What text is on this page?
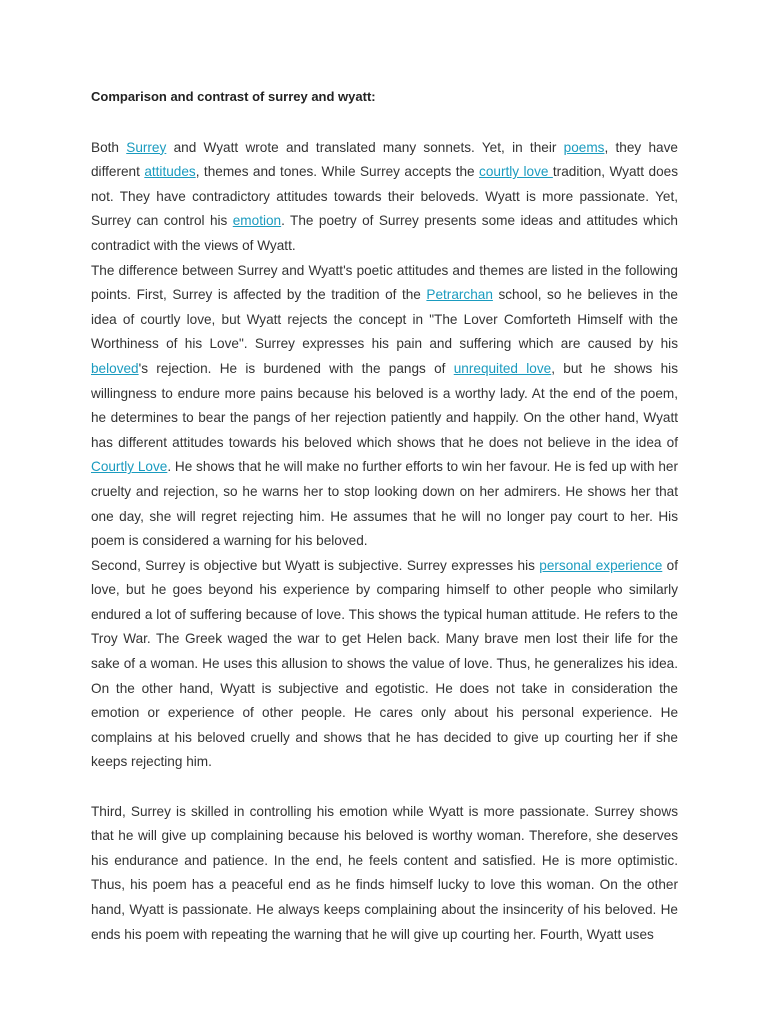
Comparison and contrast of surrey and wyatt:

Both Surrey and Wyatt wrote and translated many sonnets. Yet, in their poems, they have different attitudes, themes and tones. While Surrey accepts the courtly love tradition, Wyatt does not. They have contradictory attitudes towards their beloveds. Wyatt is more passionate. Yet, Surrey can control his emotion. The poetry of Surrey presents some ideas and attitudes which contradict with the views of Wyatt.

The difference between Surrey and Wyatt's poetic attitudes and themes are listed in the following points. First, Surrey is affected by the tradition of the Petrarchan school, so he believes in the idea of courtly love, but Wyatt rejects the concept in "The Lover Comforteth Himself with the Worthiness of his Love". Surrey expresses his pain and suffering which are caused by his beloved's rejection. He is burdened with the pangs of unrequited love, but he shows his willingness to endure more pains because his beloved is a worthy lady. At the end of the poem, he determines to bear the pangs of her rejection patiently and happily. On the other hand, Wyatt has different attitudes towards his beloved which shows that he does not believe in the idea of Courtly Love. He shows that he will make no further efforts to win her favour. He is fed up with her cruelty and rejection, so he warns her to stop looking down on her admirers. He shows her that one day, she will regret rejecting him. He assumes that he will no longer pay court to her. His poem is considered a warning for his beloved.

Second, Surrey is objective but Wyatt is subjective. Surrey expresses his personal experience of love, but he goes beyond his experience by comparing himself to other people who similarly endured a lot of suffering because of love. This shows the typical human attitude. He refers to the Troy War. The Greek waged the war to get Helen back. Many brave men lost their life for the sake of a woman. He uses this allusion to shows the value of love. Thus, he generalizes his idea. On the other hand, Wyatt is subjective and egotistic. He does not take in consideration the emotion or experience of other people. He cares only about his personal experience. He complains at his beloved cruelly and shows that he has decided to give up courting her if she keeps rejecting him.

Third, Surrey is skilled in controlling his emotion while Wyatt is more passionate. Surrey shows that he will give up complaining because his beloved is worthy woman. Therefore, she deserves his endurance and patience. In the end, he feels content and satisfied. He is more optimistic. Thus, his poem has a peaceful end as he finds himself lucky to love this woman. On the other hand, Wyatt is passionate. He always keeps complaining about the insincerity of his beloved. He ends his poem with repeating the warning that he will give up courting her. Fourth, Wyatt uses
